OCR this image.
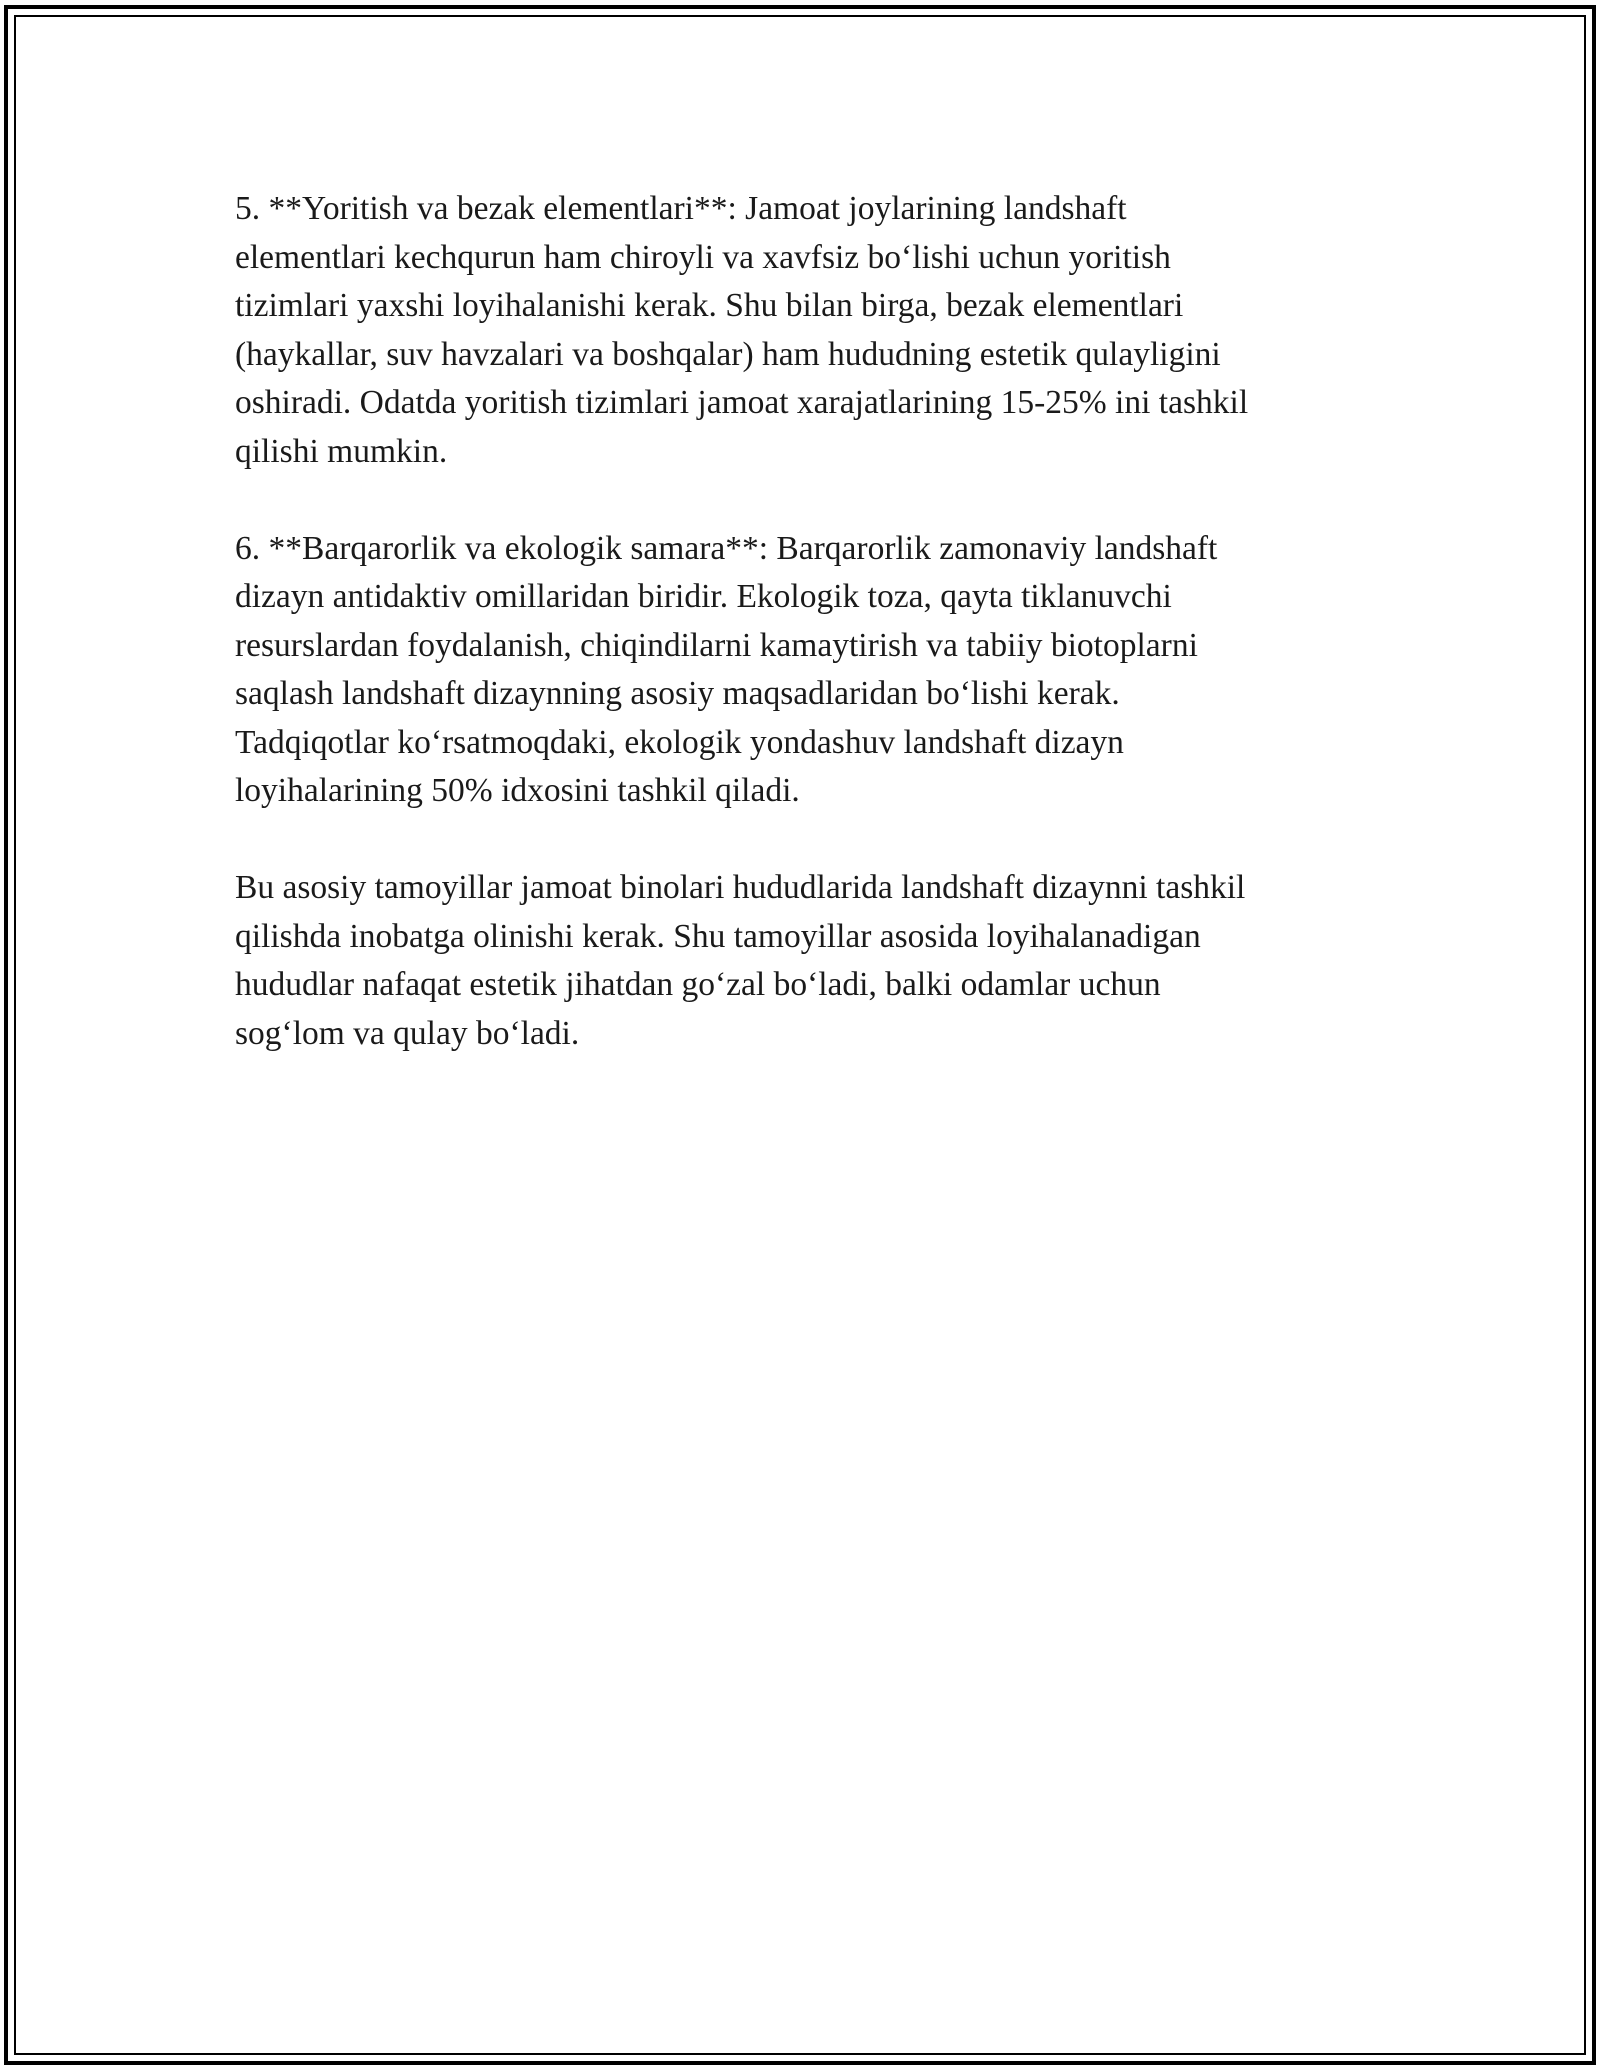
5. **Yoritish va bezak elementlari**: Jamoat joylarining landshaft
elementlari kechqurun ham chiroyli va xavfsiz bo‘lishi uchun yoritish
tizimlari yaxshi loyihalanishi kerak. Shu bilan birga, bezak elementlari
(haykallar, suv havzalari va boshqalar) ham hududning estetik qulayligini
oshiradi. Odatda yoritish tizimlari jamoat xarajatlarining 15-25% ini tashkil
qilishi mumkin.

6. **Barqarorlik va ekologik samara**: Barqarorlik zamonaviy landshaft
dizayn antidaktiv omillaridan biridir. Ekologik toza, qayta tiklanuvchi
resurslardan foydalanish, chiqindilarni kamaytirish va tabiiy biotoplarni
saqlash landshaft dizaynning asosiy maqsadlaridan bo‘lishi kerak.
Tadqiqotlar ko‘rsatmoqdaki, ekologik yondashuv landshaft dizayn
loyihalarining 50% idxosini tashkil qiladi.

Bu asosiy tamoyillar jamoat binolari hududlarida landshaft dizaynni tashkil
qilishda inobatga olinishi kerak. Shu tamoyillar asosida loyihalanadigan
hududlar nafaqat estetik jihatdan go‘zal bo‘ladi, balki odamlar uchun
sog‘lom va qulay bo‘ladi.
